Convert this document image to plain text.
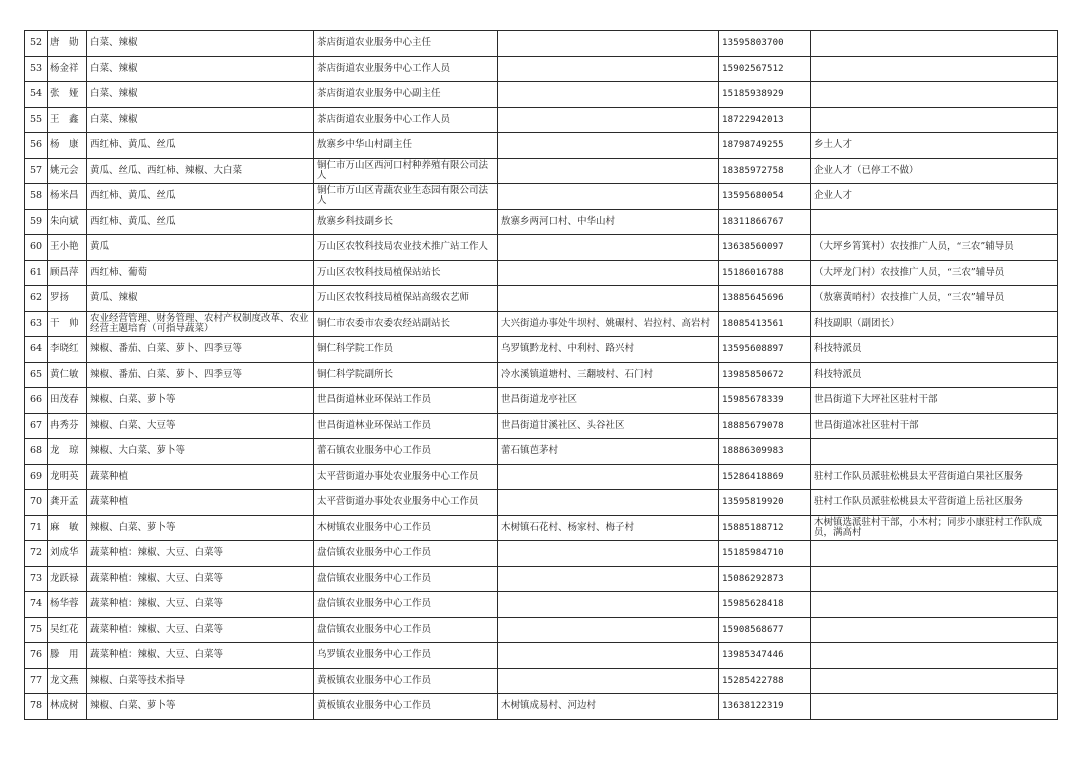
52	唐　勋	白菜、辣椒	茶店街道农业服务中心主任		13595803700	
53	杨金祥	白菜、辣椒	茶店街道农业服务中心工作人员		15902567512	
54	张　娅	白菜、辣椒	茶店街道农业服务中心副主任		15185938929	
55	王　鑫	白菜、辣椒	茶店街道农业服务中心工作人员		18722942013	
56	杨　康	西红柿、黄瓜、丝瓜	敖寨乡中华山村副主任		18798749255	乡土人才
57	姚元会	黄瓜、丝瓜、西红柿、辣椒、大白菜	铜仁市万山区西河口村种养殖有限公司法人		18385972758	企业人才（已停工不做）
58	杨米昌	西红柿、黄瓜、丝瓜	铜仁市万山区青蔬农业生态园有限公司法人		13595680054	企业人才
59	朱向斌	西红柿、黄瓜、丝瓜	敖寨乡科技副乡长	敖寨乡两河口村、中华山村	18311866767	
60	王小艳	黄瓜	万山区农牧科技局农业技术推广站工作人		13638560097	（大坪乡筲箕村）农技推广人员，“三农”辅导员
61	顾昌萍	西红柿、葡萄	万山区农牧科技局植保站站长		15186016788	（大坪龙门村）农技推广人员，“三农”辅导员
62	罗扬	黄瓜、辣椒	万山区农牧科技局植保站高级农艺师		13885645696	（敖寨黄哨村）农技推广人员，“三农”辅导员
63	干　帅	农业经营管理、财务管理、农村产权制度改革、农业经营主题培育（可指导蔬菜）	铜仁市农委市农委农经站副站长	大兴街道办事处牛坝村、姚碾村、岩拉村、高岩村	18085413561	科技副职（副团长）
64	李晓红	辣椒、番茄、白菜、萝卜、四季豆等	铜仁科学院工作员	乌罗镇黔龙村、中利村、路兴村	13595608897	科技特派员
65	黄仁敏	辣椒、番茄、白菜、萝卜、四季豆等	铜仁科学院副所长	冷水溪镇道塘村、三翻坡村、石门村	13985850672	科技特派员
66	田茂春	辣椒、白菜、萝卜等	世昌街道林业环保站工作员	世昌街道龙亭社区	15985678339	世昌街道下大坪社区驻村干部
67	冉秀芬	辣椒、白菜、大豆等	世昌街道林业环保站工作员	世昌街道甘溪社区、头谷社区	18885679078	世昌街道冰社区驻村干部
68	龙　琼	辣椒、大白菜、萝卜等	蕾石镇农业服务中心工作员	蕾石镇芭茅村	18886309983	
69	龙明英	蔬菜种植	太平营街道办事处农业服务中心工作员		15286418869	驻村工作队员派驻松桃县太平营街道白果社区服务
70	龚开孟	蔬菜种植	太平营街道办事处农业服务中心工作员		13595819920	驻村工作队员派驻松桃县太平营街道上岳社区服务
71	麻　敏	辣椒、白菜、萝卜等	木树镇农业服务中心工作员	木树镇石花村、杨家村、梅子村	15885188712	木树镇选派驻村干部，小木村；同步小康驻村工作队成员，满高村
72	刘成华	蔬菜种植：辣椒、大豆、白菜等	盘信镇农业服务中心工作员		15185984710	
73	龙跃禄	蔬菜种植：辣椒、大豆、白菜等	盘信镇农业服务中心工作员		15086292873	
74	杨华蓉	蔬菜种植：辣椒、大豆、白菜等	盘信镇农业服务中心工作员		15985628418	
75	吴红花	蔬菜种植：辣椒、大豆、白菜等	盘信镇农业服务中心工作员		15908568677	
76	滕　用	蔬菜种植：辣椒、大豆、白菜等	乌罗镇农业服务中心工作员		13985347446	
77	龙文燕	辣椒、白菜等技术指导	黄板镇农业服务中心工作员		15285422788	
78	林成树	辣椒、白菜、萝卜等	黄板镇农业服务中心工作员	木树镇成易村、河边村	13638122319	
